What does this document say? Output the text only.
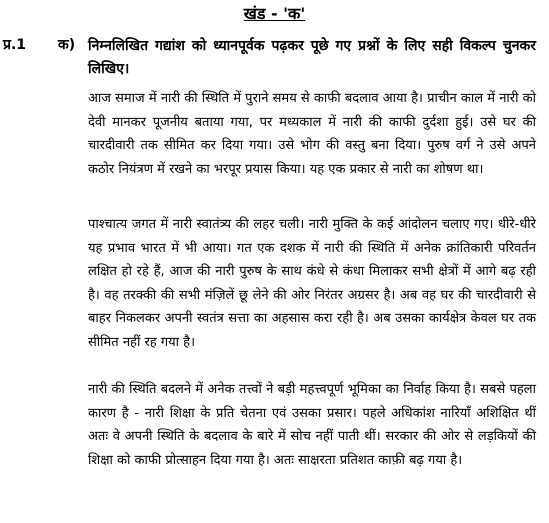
खंड - 'क'
प्र.1 क) निम्नलिखित गद्यांश को ध्यानपूर्वक पढ़कर पूछे गए प्रश्नों के लिए सही विकल्प चुनकर लिखिए।
आज समाज में नारी की स्थिति में पुराने समय से काफी बदलाव आया है। प्राचीन काल में नारी को देवी मानकर पूजनीय बताया गया, पर मध्यकाल में नारी की काफी दुर्दशा हुई। उसे घर की चारदीवारी तक सीमित कर दिया गया। उसे भोग की वस्तु बना दिया। पुरुष वर्ग ने उसे अपने कठोर नियंत्रण में रखने का भरपूर प्रयास किया। यह एक प्रकार से नारी का शोषण था।
पाश्चात्य जगत में नारी स्वातंत्र्य की लहर चली। नारी मुक्ति के कई आंदोलन चलाए गए। धीरे-धीरे यह प्रभाव भारत में भी आया। गत एक दशक में नारी की स्थिति में अनेक क्रांतिकारी परिवर्तन लक्षित हो रहे हैं, आज की नारी पुरुष के साथ कंधे से कंधा मिलाकर सभी क्षेत्रों में आगे बढ़ रही है। वह तरक्की की सभी मंज़िलें छू लेने की ओर निरंतर अग्रसर है। अब वह घर की चारदीवारी से बाहर निकलकर अपनी स्वतंत्र सत्ता का अहसास करा रही है। अब उसका कार्यक्षेत्र केवल घर तक सीमित नहीं रह गया है।
नारी की स्थिति बदलने में अनेक तत्त्वों ने बड़ी महत्त्वपूर्ण भूमिका का निर्वाह किया है। सबसे पहला कारण है - नारी शिक्षा के प्रति चेतना एवं उसका प्रसार। पहले अधिकांश नारियाँ अशिक्षित थीं अतः वे अपनी स्थिति के बदलाव के बारे में सोच नहीं पाती थीं। सरकार की ओर से लड़कियों की शिक्षा को काफी प्रोत्साहन दिया गया है। अतः साक्षरता प्रतिशत काफ़ी बढ़ गया है।
